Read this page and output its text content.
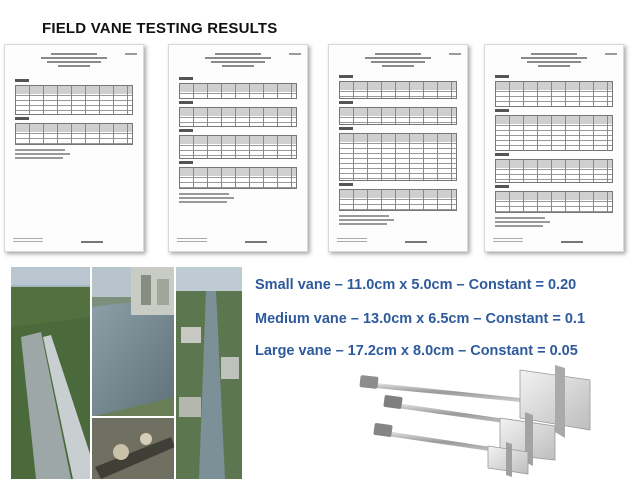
FIELD VANE TESTING RESULTS
Small vane – 11.0cm x 5.0cm – Constant = 0.20
Medium vane – 13.0cm x 6.5cm – Constant = 0.1
Large vane – 17.2cm x 8.0cm – Constant = 0.05
